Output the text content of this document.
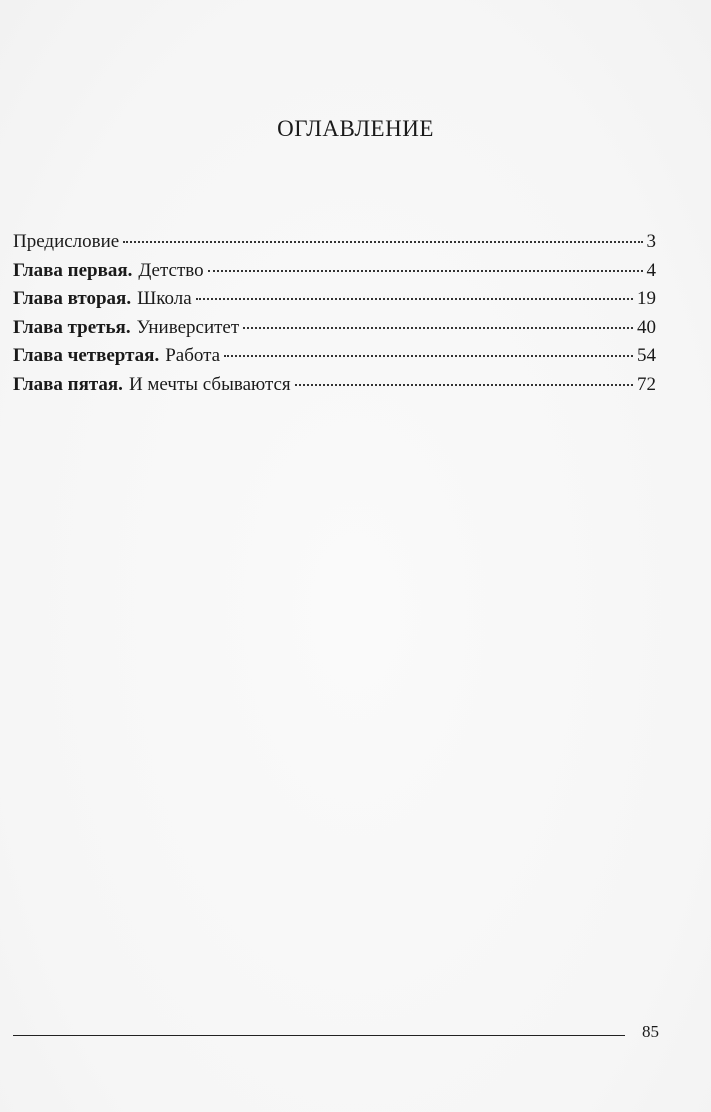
ОГЛАВЛЕНИЕ
Предисловие	3
Глава первая. Детство	4
Глава вторая. Школа	19
Глава третья. Университет	40
Глава четвертая. Работа	54
Глава пятая. И мечты сбываются	72
85
